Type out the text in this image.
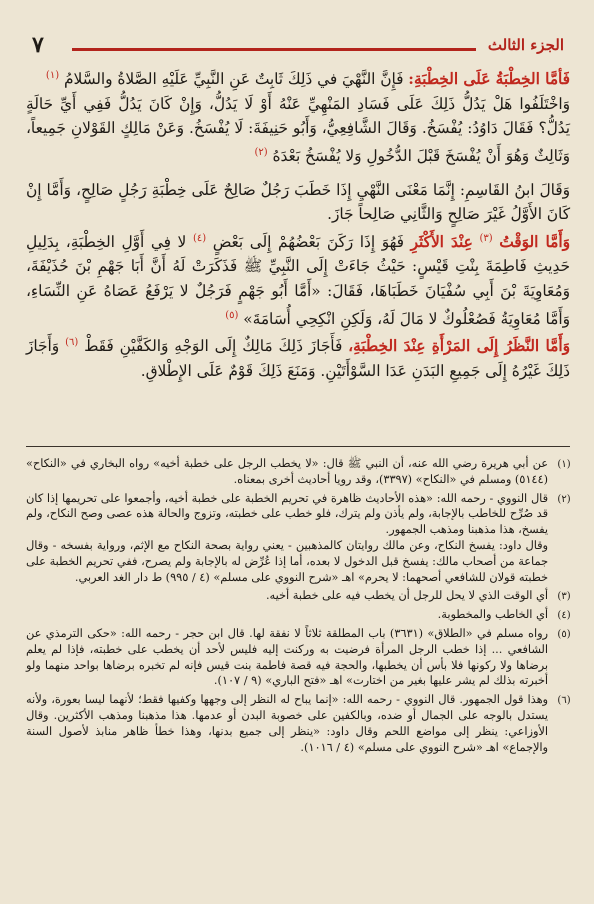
الجزء الثالث
٧

فَأمَّا الخِطْبَةُ عَلَى الخِطْبَةِ: فَإِنَّ النَّهْيَ في ذَلِكَ ثَابِتٌ عَنِ النَّبِيِّ عَلَيْهِ الصَّلاةُ والسَّلامُ $^{(١)}$

وَاخْتَلَفُوا هَلْ يَدُلُّ ذَلِكَ عَلَى فَسَادِ المَنْهِيِّ عَنْهُ أَوْ لَا يَدُلُّ، وَإِنْ كَانَ يَدُلُّ فَفِي أَيِّ حَالَةٍ يَدُلُّ؟ فَقَالَ دَاوُدُ: يُفْسَخُ. وَقَالَ الشَّافِعِيُّ، وَأَبُو حَنِيفَةَ: لَا يُفْسَخُ. وَعَنْ مَالِكٍ القَوْلانِ جَمِيعاً، وَثَالِثٌ وَهُوَ أَنْ يُفْسَخَ قَبْلَ الدُّخُولِ وَلا يُفْسَخُ بَعْدَهُ $^{(٢)}$

وَقَالَ ابنُ القَاسِمِ: إِنَّمَا مَعْنَى النَّهْيِ إِذَا خَطَبَ رَجُلٌ صَالِحٌ عَلَى خِطْبَةِ رَجُلٍ صَالِحٍ، وَأَمَّا إِنْ كَانَ الأَوَّلُ غَيْرَ صَالِحٍ وَالثَّانِي صَالِحاً جَازَ.

وَأَمَّا الوَقْتُ $^{(٣)}$ عِنْدَ الأَكْثَرِ فَهُوَ إِذَا رَكَنَ بَعْضُهُمْ إِلَى بَعْضٍ $^{(٤)}$ لا فِي أَوَّلِ الخِطْبَةِ، بِدَلِيلِ حَدِيثِ فَاطِمَةَ بِنْتِ قَيْسٍ: حَيْثُ جَاءَتْ إِلَى النَّبِيِّ ﷺ فَذَكَرَتْ لَهُ أَنَّ أَبَا جَهْمِ بْنَ حُذَيْفَةَ، وَمُعَاوِيَةَ بْنَ أَبِي سُفْيَانَ خَطَبَاهَا، فَقَالَ: «أَمَّا أَبُو جَهْمٍ فَرَجُلٌ لا يَرْفَعُ عَصَاهُ عَنِ النِّسَاءِ، وَأَمَّا مُعَاوِيَةُ فَصُعْلُوكٌ لا مَالَ لَهُ، وَلَكِنِ انْكِحِي أُسَامَةَ» $^{(٥)}$

وَأَمَّا النَّظَرُ إِلَى المَرْأَةِ عِنْدَ الخِطْبَةِ، فَأَجَازَ ذَلِكَ مَالِكٌ إِلَى الوَجْهِ وَالكَفَّيْنِ فَقَطْ $^{(٦)}$ وَأَجَازَ ذَلِكَ غَيْرُهُ إِلَى جَمِيعِ البَدَنِ عَدَا السَّوْأَتَيْنِ. وَمَنَعَ ذَلِكَ قَوْمٌ عَلَى الإِطْلاقِ.

(١)

عن أبي هريرة رضي الله عنه، أن النبي ﷺ قال: «لا يخطب الرجل على خطبة أخيه» رواه البخاري في «النكاح» (٥١٤٤) ومسلم في «النكاح» (٣٣٩٧)، وقد رويا أحاديث أخرى بمعناه.

(٢)

قال النووي - رحمه الله: «هذه الأحاديث ظاهرة في تحريم الخطبة على خطبة أخيه، وأجمعوا على تحريمها إذا كان قد صُرِّح للخاطب بالإجابة، ولم يأذن ولم يترك، فلو خطب على خطبته، وتزوج والحالة هذه عصى وصح النكاح، ولم يفسخ، هذا مذهبنا ومذهب الجمهور.

وقال داود: يفسخ النكاح، وعن مالك روايتان كالمذهبين - يعني رواية بصحة النكاح مع الإثم، ورواية بفسخه - وقال جماعة من أصحاب مالك: يفسخ قبل الدخول لا بعده، أما إذا عُرِّض له بالإجابة ولم يصرح، ففي تحريم الخطبة على خطبته قولان للشافعي أصحهما: لا يحرم» اهـ «شرح النووي على مسلم» (٤ / ٩٩٥) ط دار الغد العربي.

(٣)

أي الوقت الذي لا يحل للرجل أن يخطب فيه على خطبة أخيه.

(٤)

أي الخاطب والمخطوبة.

(٥)

رواه مسلم في «الطلاق» (٣٦٣١) باب المطلقة ثلاثاً لا نفقة لها. قال ابن حجر - رحمه الله: «حكى الترمذي عن الشافعي ... إذا خطب الرجل المرأة فرضيت به وركنت إليه فليس لأحد أن يخطب على خطبته، فإذا لم يعلم برضاها ولا ركونها فلا بأس أن يخطبها، والحجة فيه قصة فاطمة بنت قيس فإنه لم تخبره برضاها بواحد منهما ولو أخبرته بذلك لم يشر عليها بغير من اختارت» اهـ «فتح الباري» (٩ / ١٠٧).

(٦)

وهذا قول الجمهور. قال النووي - رحمه الله: «إنما يباح له النظر إلى وجهها وكفيها فقط؛ لأنهما ليسا بعورة، ولأنه يستدل بالوجه على الجمال أو ضده، وبالكفين على خصوبة البدن أو عدمها. هذا مذهبنا ومذهب الأكثرين. وقال الأوزاعي: ينظر إلى مواضع اللحم وقال داود: «ينظر إلى جميع بدنها، وهذا خطأ ظاهر منابذ لأصول السنة والإجماع» اهـ «شرح النووي على مسلم» (٤ / ١٠١٦).
